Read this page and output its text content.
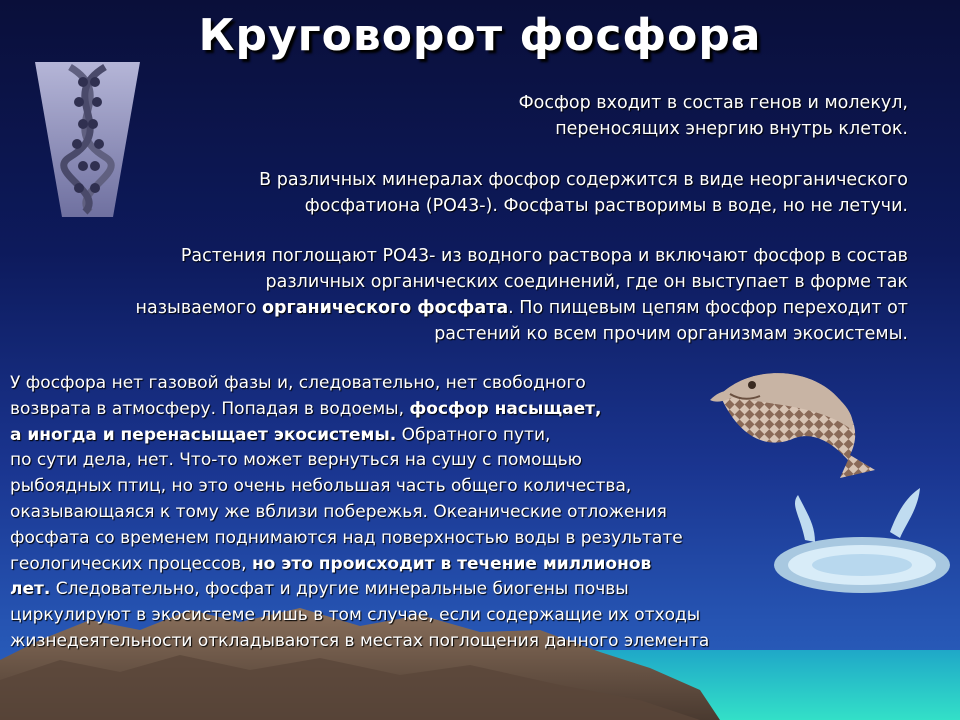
Круговорот фосфора
Фосфор входит в состав генов и молекул,
переносящих энергию внутрь клеток.
В различных минералах фосфор содержится в виде неорганического
фосфатиона (РО43-). Фосфаты растворимы в воде, но не летучи.
Растения поглощают РО43- из водного раствора и включают фосфор в состав
различных органических соединений, где он выступает в форме так
называемого органического фосфата. По пищевым цепям фосфор переходит от
растений ко всем прочим организмам экосистемы.
У фосфора нет газовой фазы и, следовательно, нет свободного
возврата в атмосферу. Попадая в водоемы, фосфор насыщает,
а иногда и перенасыщает экосистемы. Обратного пути,
по сути дела, нет. Что-то может вернуться на сушу с помощью
рыбоядных птиц, но это очень небольшая часть общего количества,
оказывающаяся к тому же вблизи побережья. Океанические отложения
фосфата со временем поднимаются над поверхностью воды в результате
геологических процессов, но это происходит в течение миллионов
лет. Следовательно, фосфат и другие минеральные биогены почвы
циркулируют в экосистеме лишь в том случае, если содержащие их отходы
жизнедеятельности откладываются в местах поглощения данного элемента
